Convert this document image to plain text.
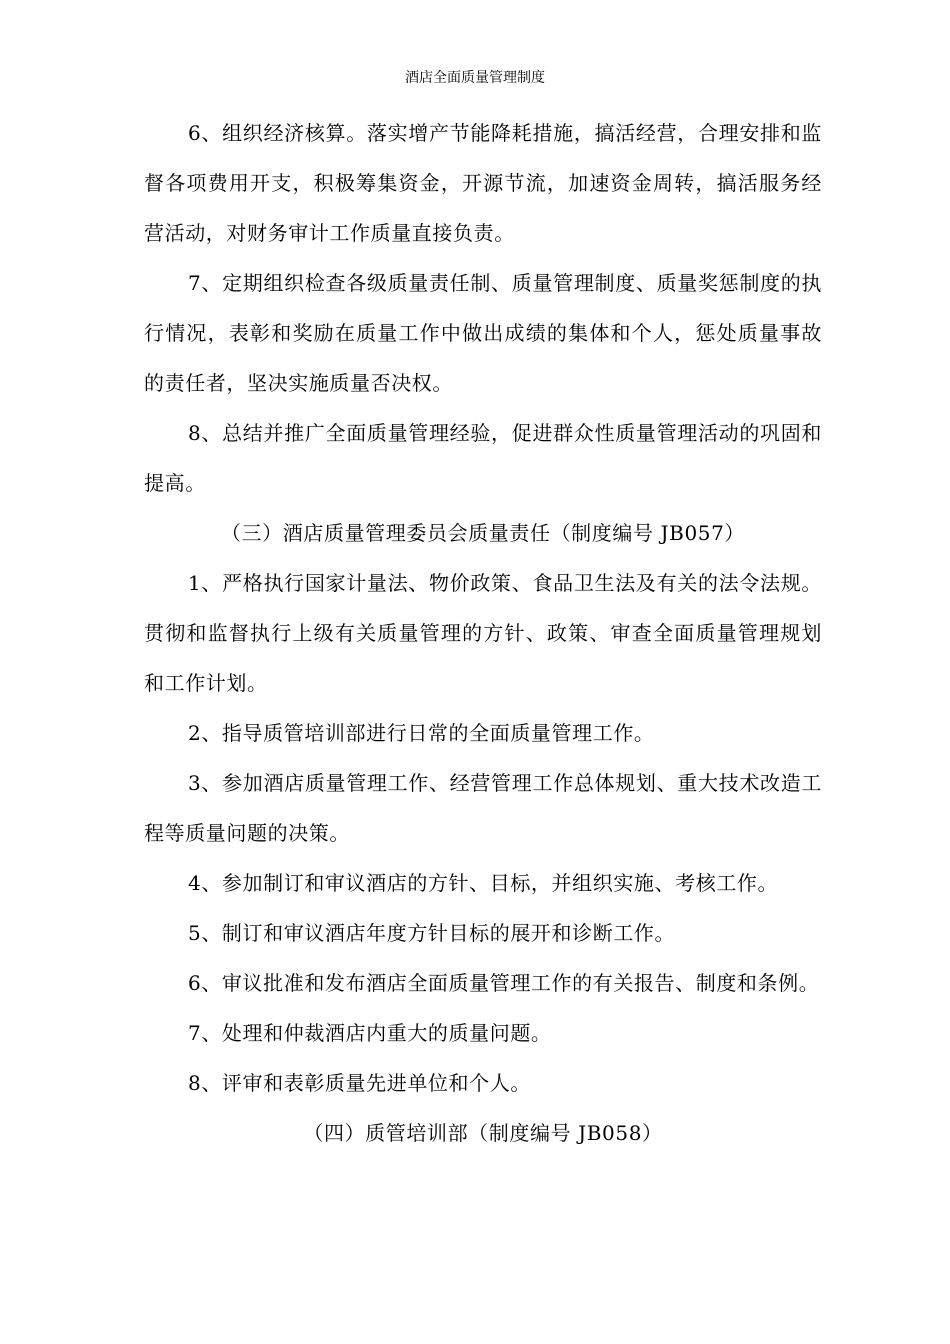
酒店全面质量管理制度

6、组织经济核算。落实增产节能降耗措施，搞活经营，合理安排和监督各项费用开支，积极筹集资金，开源节流，加速资金周转，搞活服务经营活动，对财务审计工作质量直接负责。

7、定期组织检查各级质量责任制、质量管理制度、质量奖惩制度的执行情况，表彰和奖励在质量工作中做出成绩的集体和个人，惩处质量事故的责任者，坚决实施质量否决权。

8、总结并推广全面质量管理经验，促进群众性质量管理活动的巩固和提高。

（三）酒店质量管理委员会质量责任（制度编号 JB057）

1、严格执行国家计量法、物价政策、食品卫生法及有关的法令法规。贯彻和监督执行上级有关质量管理的方针、政策、审查全面质量管理规划和工作计划。

2、指导质管培训部进行日常的全面质量管理工作。

3、参加酒店质量管理工作、经营管理工作总体规划、重大技术改造工程等质量问题的决策。

4、参加制订和审议酒店的方针、目标，并组织实施、考核工作。

5、制订和审议酒店年度方针目标的展开和诊断工作。

6、审议批准和发布酒店全面质量管理工作的有关报告、制度和条例。

7、处理和仲裁酒店内重大的质量问题。

8、评审和表彰质量先进单位和个人。

（四）质管培训部（制度编号 JB058）
